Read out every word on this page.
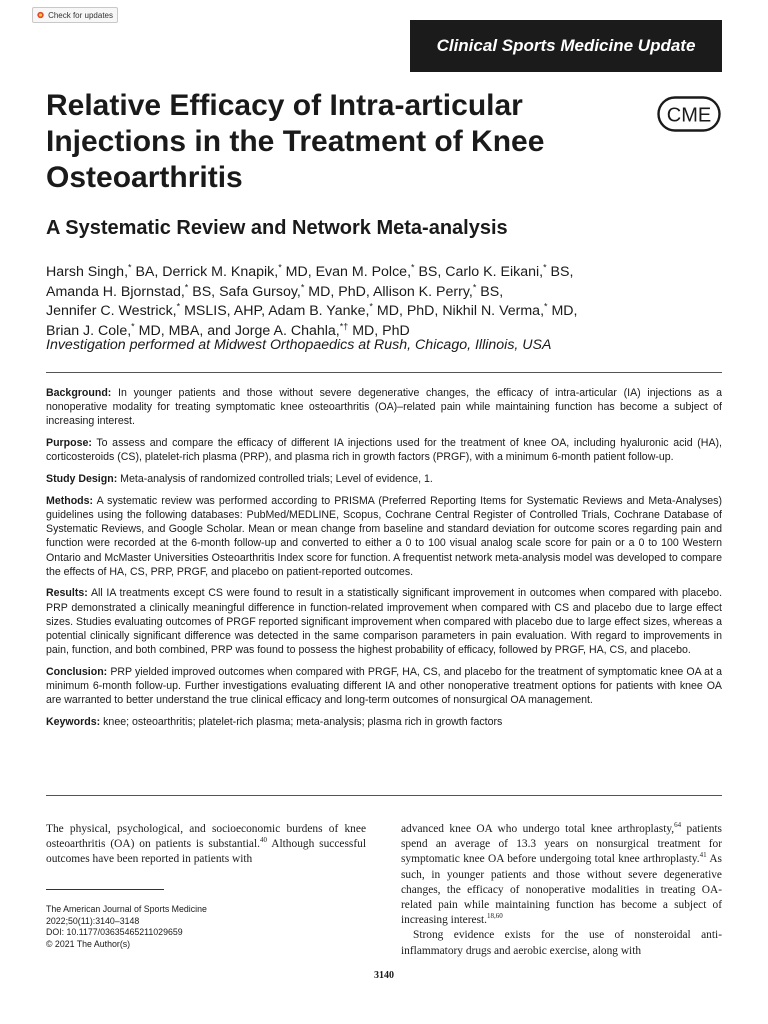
Check for updates
Clinical Sports Medicine Update
CME
Relative Efficacy of Intra-articular Injections in the Treatment of Knee Osteoarthritis
A Systematic Review and Network Meta-analysis
Harsh Singh,* BA, Derrick M. Knapik,* MD, Evan M. Polce,* BS, Carlo K. Eikani,* BS,
Amanda H. Bjornstad,* BS, Safa Gursoy,* MD, PhD, Allison K. Perry,* BS,
Jennifer C. Westrick,* MSLIS, AHP, Adam B. Yanke,* MD, PhD, Nikhil N. Verma,* MD,
Brian J. Cole,* MD, MBA, and Jorge A. Chahla,*† MD, PhD
Investigation performed at Midwest Orthopaedics at Rush, Chicago, Illinois, USA

Background: In younger patients and those without severe degenerative changes, the efficacy of intra-articular (IA) injections as a nonoperative modality for treating symptomatic knee osteoarthritis (OA)–related pain while maintaining function has become a subject of increasing interest.

Purpose: To assess and compare the efficacy of different IA injections used for the treatment of knee OA, including hyaluronic acid (HA), corticosteroids (CS), platelet-rich plasma (PRP), and plasma rich in growth factors (PRGF), with a minimum 6-month patient follow-up.

Study Design: Meta-analysis of randomized controlled trials; Level of evidence, 1.

Methods: A systematic review was performed according to PRISMA (Preferred Reporting Items for Systematic Reviews and Meta-Analyses) guidelines using the following databases: PubMed/MEDLINE, Scopus, Cochrane Central Register of Controlled Trials, Cochrane Database of Systematic Reviews, and Google Scholar. Mean or mean change from baseline and standard deviation for outcome scores regarding pain and function were recorded at the 6-month follow-up and converted to either a 0 to 100 visual analog scale score for pain or a 0 to 100 Western Ontario and McMaster Universities Osteoarthritis Index score for function. A frequentist network meta-analysis model was developed to compare the effects of HA, CS, PRP, PRGF, and placebo on patient-reported outcomes.

Results: All IA treatments except CS were found to result in a statistically significant improvement in outcomes when compared with placebo. PRP demonstrated a clinically meaningful difference in function-related improvement when compared with CS and placebo due to large effect sizes. Studies evaluating outcomes of PRGF reported significant improvement when compared with placebo due to large effect sizes, whereas a potential clinically significant difference was detected in the same comparison parameters in pain evaluation. With regard to improvements in pain, function, and both combined, PRP was found to possess the highest probability of efficacy, followed by PRGF, HA, CS, and placebo.

Conclusion: PRP yielded improved outcomes when compared with PRGF, HA, CS, and placebo for the treatment of symptomatic knee OA at a minimum 6-month follow-up. Further investigations evaluating different IA and other nonoperative treatment options for patients with knee OA are warranted to better understand the true clinical efficacy and long-term outcomes of nonsurgical OA management.

Keywords: knee; osteoarthritis; platelet-rich plasma; meta-analysis; plasma rich in growth factors

The physical, psychological, and socioeconomic burdens of knee osteoarthritis (OA) on patients is substantial.$^{40}$ Although successful outcomes have been reported in patients with

advanced knee OA who undergo total knee arthroplasty,$^{64}$ patients spend an average of 13.3 years on nonsurgical treatment for symptomatic knee OA before undergoing total knee arthroplasty.$^{41}$ As such, in younger patients and those without severe degenerative changes, the efficacy of nonoperative modalities in treating OA-related pain while maintaining function has become a subject of increasing interest.$^{18,60}$

Strong evidence exists for the use of nonsteroidal anti-inflammatory drugs and aerobic exercise, along with

The American Journal of Sports Medicine
2022;50(11):3140–3148
DOI: 10.1177/03635465211029659
© 2021 The Author(s)
3140
